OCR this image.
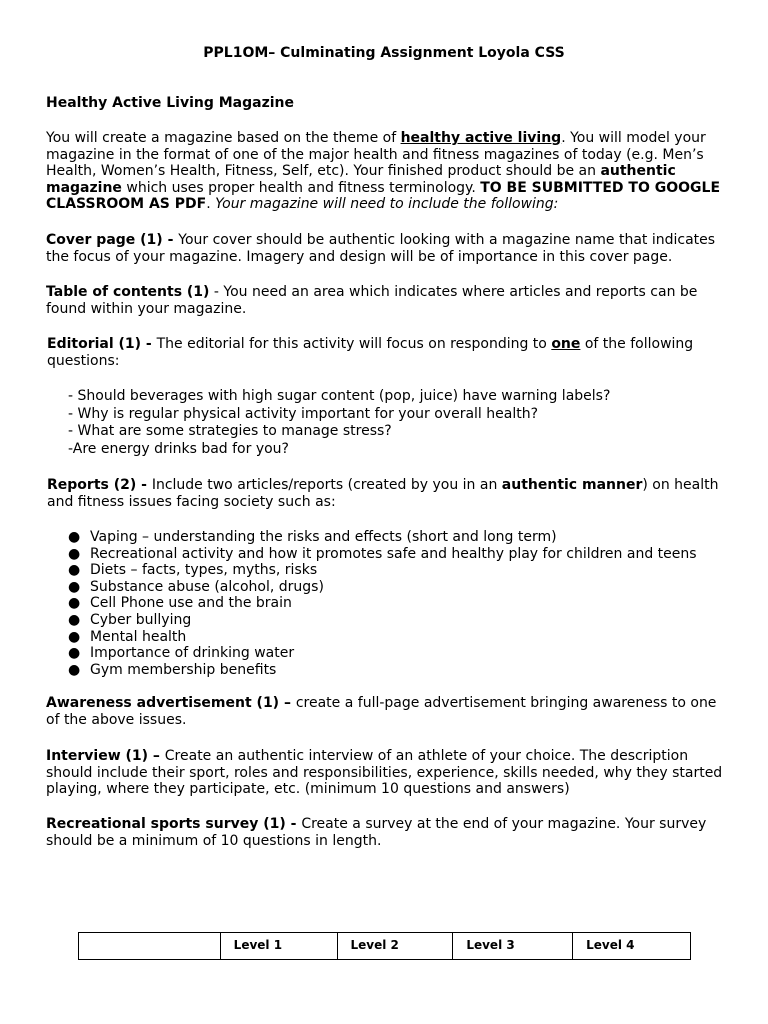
PPL1OM– Culminating Assignment Loyola CSS
Healthy Active Living Magazine
You will create a magazine based on the theme of healthy active living. You will model your magazine in the format of one of the major health and fitness magazines of today (e.g. Men’s Health, Women’s Health, Fitness, Self, etc). Your finished product should be an authentic magazine which uses proper health and fitness terminology. TO BE SUBMITTED TO GOOGLE CLASSROOM AS PDF. Your magazine will need to include the following:
Cover page (1) - Your cover should be authentic looking with a magazine name that indicates the focus of your magazine. Imagery and design will be of importance in this cover page.
Table of contents (1) - You need an area which indicates where articles and reports can be found within your magazine.
Editorial (1) - The editorial for this activity will focus on responding to one of the following questions:
- Should beverages with high sugar content (pop, juice) have warning labels?
- Why is regular physical activity important for your overall health?
- What are some strategies to manage stress?
-Are energy drinks bad for you?
Reports (2) - Include two articles/reports (created by you in an authentic manner) on health and fitness issues facing society such as:
● Vaping – understanding the risks and effects (short and long term)
● Recreational activity and how it promotes safe and healthy play for children and teens
● Diets – facts, types, myths, risks
● Substance abuse (alcohol, drugs)
● Cell Phone use and the brain
● Cyber bullying
● Mental health
● Importance of drinking water
● Gym membership benefits
Awareness advertisement (1) – create a full-page advertisement bringing awareness to one of the above issues.
Interview (1) – Create an authentic interview of an athlete of your choice. The description should include their sport, roles and responsibilities, experience, skills needed, why they started playing, where they participate, etc. (minimum 10 questions and answers)
Recreational sports survey (1) - Create a survey at the end of your magazine. Your survey should be a minimum of 10 questions in length.
	Level 1	Level 2	Level 3	Level 4
